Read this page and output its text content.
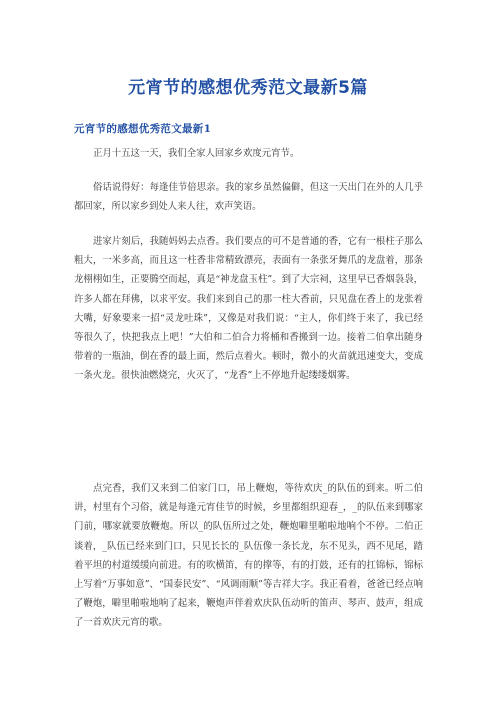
元宵节的感想优秀范文最新5篇
元宵节的感想优秀范文最新1

正月十五这一天，我们全家人回家乡欢度元宵节。

俗话说得好：每逢佳节倍思亲。我的家乡虽然偏僻，但这一天出门在外的人几乎都回家，所以家乡到处人来人往，欢声笑语。

进家片刻后，我随妈妈去点香。我们要点的可不是普通的香，它有一根柱子那么粗大，一米多高，而且这一柱香非常精致漂亮，表面有一条张牙舞爪的龙盘着，那条龙栩栩如生，正要腾空而起，真是“神龙盘玉柱”。到了大宗祠，这里早已香烟袅袅，许多人都在拜佛，以求平安。我们来到自己的那一柱大香前，只见盘在香上的龙张着大嘴，好象要来一招“灵龙吐珠”，又像是对我们说：“主人，你们终于来了，我已经等很久了，快把我点上吧！”大伯和二伯合力将桶和香搬到一边。接着二伯拿出随身带着的一瓶油，倒在香的最上面，然后点着火。顿时，微小的火苗就迅速变大，变成一条火龙。很快油燃烧完，火灭了，“龙香”上不停地升起缕缕烟雾。

点完香，我们又来到二伯家门口，吊上鞭炮，等待欢庆_的队伍的到来。听二伯讲，村里有个习俗，就是每逢元宵佳节的时候，乡里都组织迎春_，_的队伍来到哪家门前，哪家就要放鞭炮。所以_的队伍所过之处，鞭炮噼里啪啦地响个不停。二伯正谈着，_队伍已经来到门口，只见长长的_队伍像一条长龙，东不见头，西不见尾，踏着平坦的村道缓缓向前进。有的吹横笛，有的撑等，有的打鼓，还有的扛锦标，锦标上写着“万事如意”、“国泰民安”、“风调雨顺”等吉祥大字。我正看着，爸爸已经点响了鞭炮，噼里啪啦地响了起来，鞭炮声伴着欢庆队伍动听的笛声、琴声、鼓声，组成了一首欢庆元宵的歌。
